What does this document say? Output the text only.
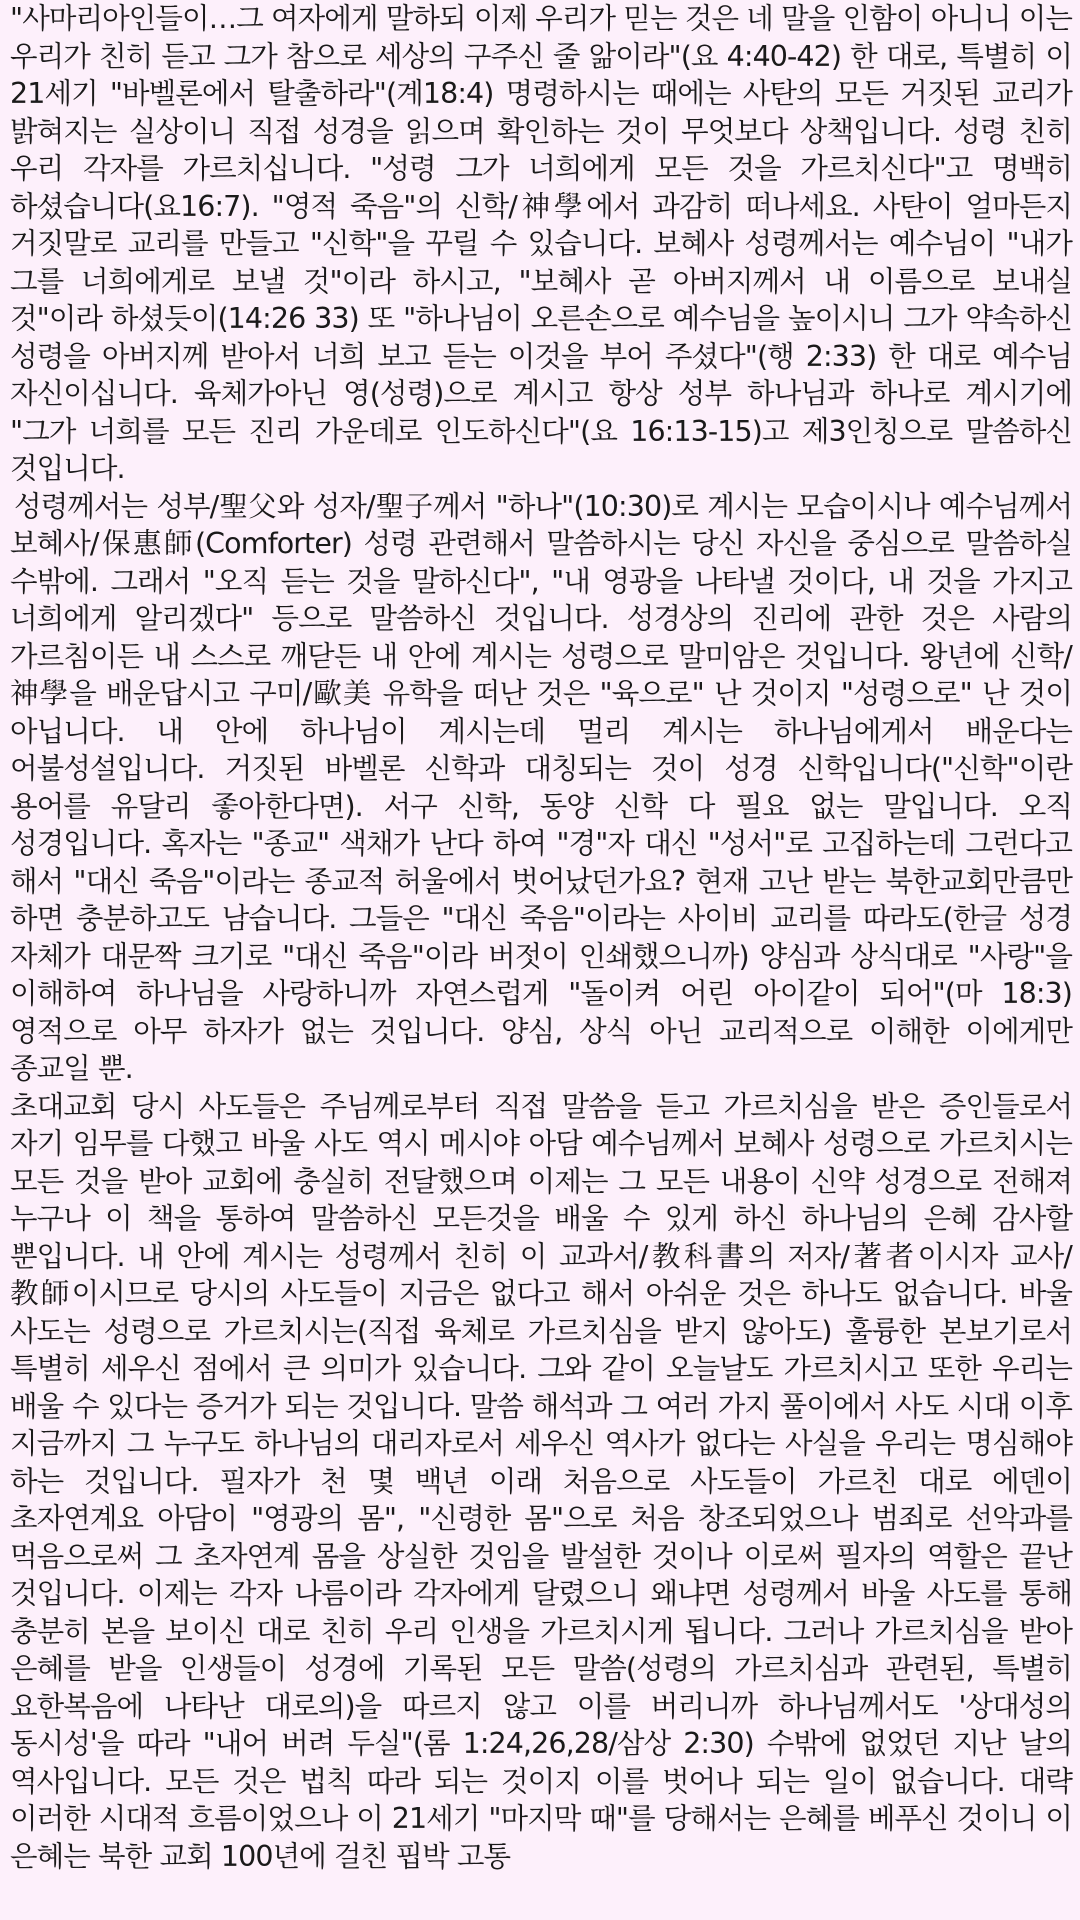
"사마리아인들이…그 여자에게 말하되 이제 우리가 믿는 것은 네 말을 인함이 아니니 이는 우리가 친히 듣고 그가 참으로 세상의 구주신 줄 앎이라"(요 4:40-42) 한 대로, 특별히 이 21세기 "바벨론에서 탈출하라"(계18:4) 명령하시는 때에는 사탄의 모든 거짓된 교리가 밝혀지는 실상이니 직접 성경을 읽으며 확인하는 것이 무엇보다 상책입니다. 성령 친히 우리 각자를 가르치십니다. "성령 그가 너희에게 모든 것을 가르치신다"고 명백히 하셨습니다(요16:7). "영적 죽음"의 신학/神學에서 과감히 떠나세요. 사탄이 얼마든지 거짓말로 교리를 만들고 "신학"을 꾸릴 수 있습니다. 보혜사 성령께서는 예수님이 "내가 그를 너희에게로 보낼 것"이라 하시고, "보혜사 곧 아버지께서 내 이름으로 보내실 것"이라 하셨듯이(14:26 33) 또 "하나님이 오른손으로 예수님을 높이시니 그가 약속하신 성령을 아버지께 받아서 너희 보고 듣는 이것을 부어 주셨다"(행 2:33) 한 대로 예수님 자신이십니다. 육체가아닌 영(성령)으로 계시고 항상 성부 하나님과 하나로 계시기에 "그가 너희를 모든 진리 가운데로 인도하신다"(요 16:13-15)고 제3인칭으로 말씀하신 것입니다.

성령께서는 성부/聖父와 성자/聖子께서 "하나"(10:30)로 계시는 모습이시나 예수님께서 보혜사/保惠師(Comforter) 성령 관련해서 말씀하시는 당신 자신을 중심으로 말씀하실 수밖에. 그래서 "오직 듣는 것을 말하신다", "내 영광을 나타낼 것이다, 내 것을 가지고 너희에게 알리겠다" 등으로 말씀하신 것입니다. 성경상의 진리에 관한 것은 사람의 가르침이든 내 스스로 깨닫든 내 안에 계시는 성령으로 말미암은 것입니다. 왕년에 신학/神學을 배운답시고 구미/歐美 유학을 떠난 것은 "육으로" 난 것이지 "성령으로" 난 것이 아닙니다. 내 안에 하나님이 계시는데 멀리 계시는 하나님에게서 배운다는 어불성설입니다. 거짓된 바벨론 신학과 대칭되는 것이 성경 신학입니다("신학"이란 용어를 유달리 좋아한다면). 서구 신학, 동양 신학 다 필요 없는 말입니다. 오직 성경입니다. 혹자는 "종교" 색채가 난다 하여 "경"자 대신 "성서"로 고집하는데 그런다고 해서 "대신 죽음"이라는 종교적 허울에서 벗어났던가요? 현재 고난 받는 북한교회만큼만 하면 충분하고도 남습니다. 그들은 "대신 죽음"이라는 사이비 교리를 따라도(한글 성경 자체가 대문짝 크기로 "대신 죽음"이라 버젓이 인쇄했으니까) 양심과 상식대로 "사랑"을 이해하여 하나님을 사랑하니까 자연스럽게 "돌이켜 어린 아이같이 되어"(마 18:3) 영적으로 아무 하자가 없는 것입니다. 양심, 상식 아닌 교리적으로 이해한 이에게만 종교일 뿐.

초대교회 당시 사도들은 주님께로부터 직접 말씀을 듣고 가르치심을 받은 증인들로서 자기 임무를 다했고 바울 사도 역시 메시야 아담 예수님께서 보혜사 성령으로 가르치시는 모든 것을 받아 교회에 충실히 전달했으며 이제는 그 모든 내용이 신약 성경으로 전해져 누구나 이 책을 통하여 말씀하신 모든것을 배울 수 있게 하신 하나님의 은혜 감사할 뿐입니다. 내 안에 계시는 성령께서 친히 이 교과서/教科書의 저자/著者이시자 교사/教師이시므로 당시의 사도들이 지금은 없다고 해서 아쉬운 것은 하나도 없습니다. 바울 사도는 성령으로 가르치시는(직접 육체로 가르치심을 받지 않아도) 훌륭한 본보기로서 특별히 세우신 점에서 큰 의미가 있습니다. 그와 같이 오늘날도 가르치시고 또한 우리는 배울 수 있다는 증거가 되는 것입니다. 말씀 해석과 그 여러 가지 풀이에서 사도 시대 이후 지금까지 그 누구도 하나님의 대리자로서 세우신 역사가 없다는 사실을 우리는 명심해야 하는 것입니다. 필자가 천 몇 백년 이래 처음으로 사도들이 가르친 대로 에덴이 초자연계요 아담이 "영광의 몸", "신령한 몸"으로 처음 창조되었으나 범죄로 선악과를 먹음으로써 그 초자연계 몸을 상실한 것임을 발설한 것이나 이로써 필자의 역할은 끝난 것입니다. 이제는 각자 나름이라 각자에게 달렸으니 왜냐면 성령께서 바울 사도를 통해 충분히 본을 보이신 대로 친히 우리 인생을 가르치시게 됩니다. 그러나 가르치심을 받아 은혜를 받을 인생들이 성경에 기록된 모든 말씀(성령의 가르치심과 관련된, 특별히 요한복음에 나타난 대로의)을 따르지 않고 이를 버리니까 하나님께서도 '상대성의 동시성'을 따라 "내어 버려 두실"(롬 1:24,26,28/삼상 2:30) 수밖에 없었던 지난 날의 역사입니다. 모든 것은 법칙 따라 되는 것이지 이를 벗어나 되는 일이 없습니다. 대략 이러한 시대적 흐름이었으나 이 21세기 "마지막 때"를 당해서는 은혜를 베푸신 것이니 이 은혜는 북한 교회 100년에 걸친 핍박 고통
